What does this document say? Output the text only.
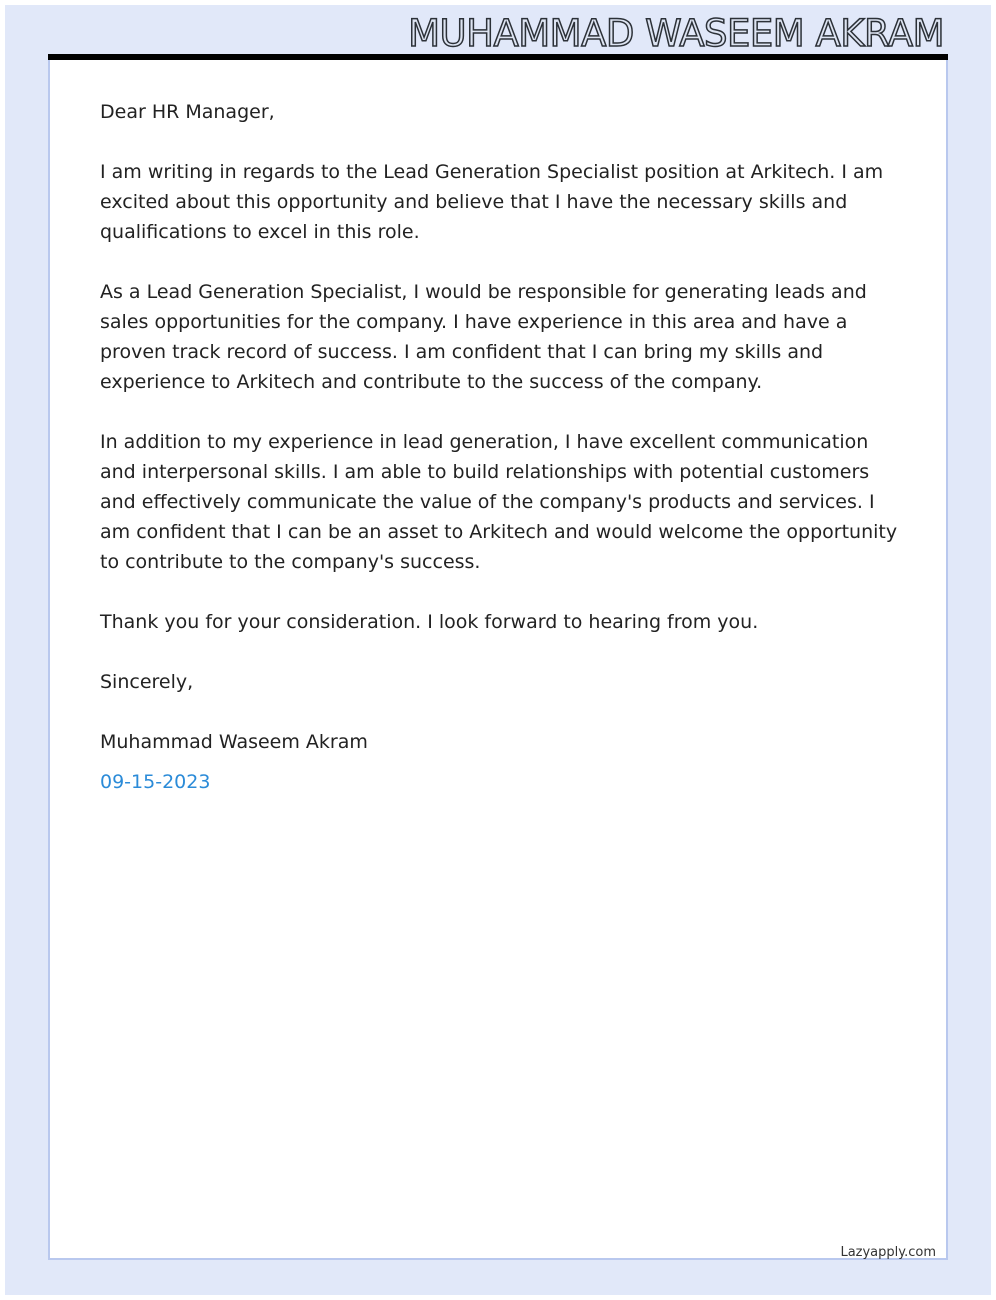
MUHAMMAD WASEEM AKRAM

Dear HR Manager,

I am writing in regards to the Lead Generation Specialist position at Arkitech. I am excited about this opportunity and believe that I have the necessary skills and qualifications to excel in this role.

As a Lead Generation Specialist, I would be responsible for generating leads and sales opportunities for the company. I have experience in this area and have a proven track record of success. I am confident that I can bring my skills and experience to Arkitech and contribute to the success of the company.

In addition to my experience in lead generation, I have excellent communication and interpersonal skills. I am able to build relationships with potential customers and effectively communicate the value of the company's products and services. I am confident that I can be an asset to Arkitech and would welcome the opportunity to contribute to the company's success.

Thank you for your consideration. I look forward to hearing from you.

Sincerely,

Muhammad Waseem Akram

09-15-2023

Lazyapply.com
